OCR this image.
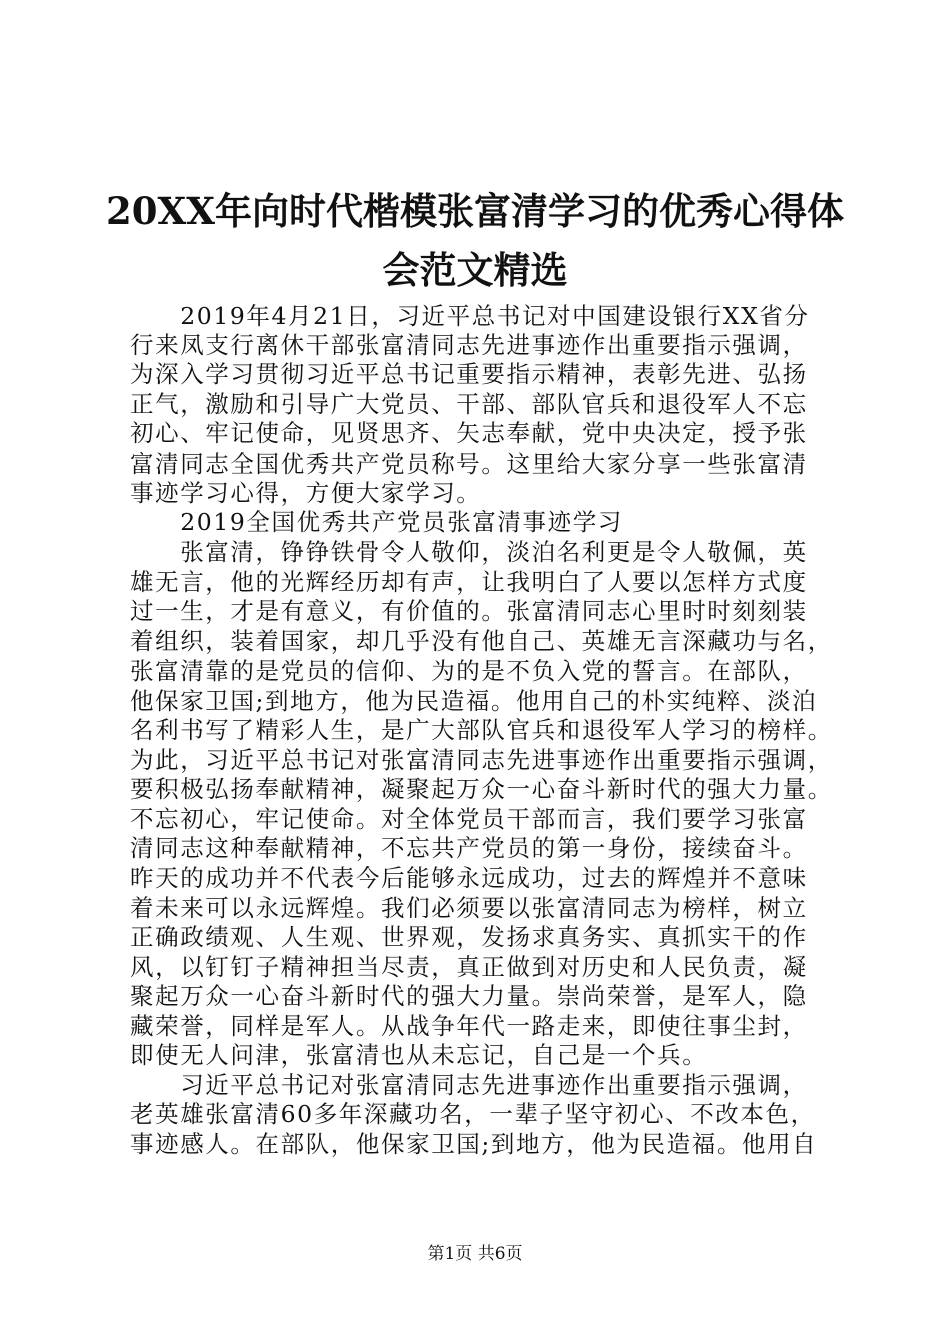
20XX年向时代楷模张富清学习的优秀心得体
会范文精选
　　2019年4月21日，习近平总书记对中国建设银行XX省分
行来凤支行离休干部张富清同志先进事迹作出重要指示强调，
为深入学习贯彻习近平总书记重要指示精神，表彰先进、弘扬
正气，激励和引导广大党员、干部、部队官兵和退役军人不忘
初心、牢记使命，见贤思齐、矢志奉献，党中央决定，授予张
富清同志全国优秀共产党员称号。这里给大家分享一些张富清
事迹学习心得，方便大家学习。
　　2019全国优秀共产党员张富清事迹学习
　　张富清，铮铮铁骨令人敬仰，淡泊名利更是令人敬佩，英
雄无言，他的光辉经历却有声，让我明白了人要以怎样方式度
过一生，才是有意义，有价值的。张富清同志心里时时刻刻装
着组织，装着国家，却几乎没有他自己、英雄无言深藏功与名，
张富清靠的是党员的信仰、为的是不负入党的誓言。在部队，
他保家卫国;到地方，他为民造福。他用自己的朴实纯粹、淡泊
名利书写了精彩人生，是广大部队官兵和退役军人学习的榜样。
为此，习近平总书记对张富清同志先进事迹作出重要指示强调，
要积极弘扬奉献精神，凝聚起万众一心奋斗新时代的强大力量。
不忘初心，牢记使命。对全体党员干部而言，我们要学习张富
清同志这种奉献精神，不忘共产党员的第一身份，接续奋斗。
昨天的成功并不代表今后能够永远成功，过去的辉煌并不意味
着未来可以永远辉煌。我们必须要以张富清同志为榜样，树立
正确政绩观、人生观、世界观，发扬求真务实、真抓实干的作
风，以钉钉子精神担当尽责，真正做到对历史和人民负责，凝
聚起万众一心奋斗新时代的强大力量。崇尚荣誉，是军人，隐
藏荣誉，同样是军人。从战争年代一路走来，即使往事尘封，
即使无人问津，张富清也从未忘记，自己是一个兵。
　　习近平总书记对张富清同志先进事迹作出重要指示强调，
老英雄张富清60多年深藏功名，一辈子坚守初心、不改本色，
事迹感人。在部队，他保家卫国;到地方，他为民造福。他用自
第1页 共6页
